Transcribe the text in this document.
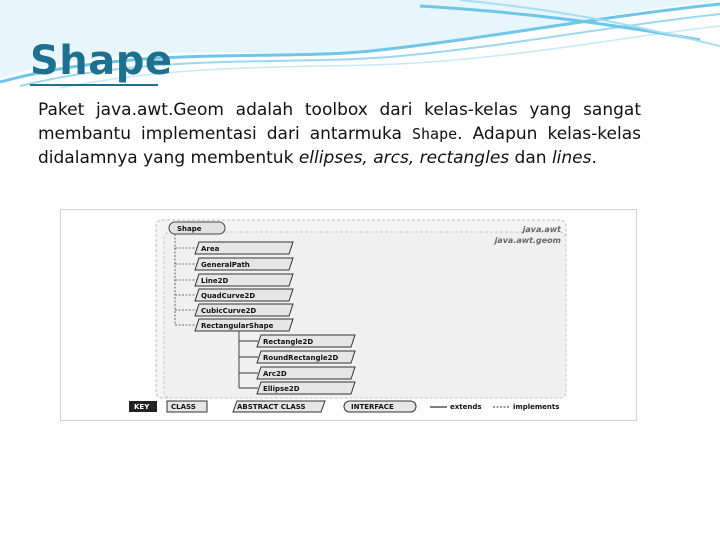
Shape
Paket java.awt.Geom adalah toolbox dari kelas-kelas yang sangat membantu implementasi dari antarmuka Shape. Adapun kelas-kelas didalamnya yang membentuk ellipses, arcs, rectangles dan lines.
java.awt
java.awt.geom
Shape
Area
GeneralPath
Line2D
QuadCurve2D
CubicCurve2D
RectangularShape
Rectangle2D
RoundRectangle2D
Arc2D
Ellipse2D
KEY	CLASS	ABSTRACT CLASS	INTERFACE	extends	implements
